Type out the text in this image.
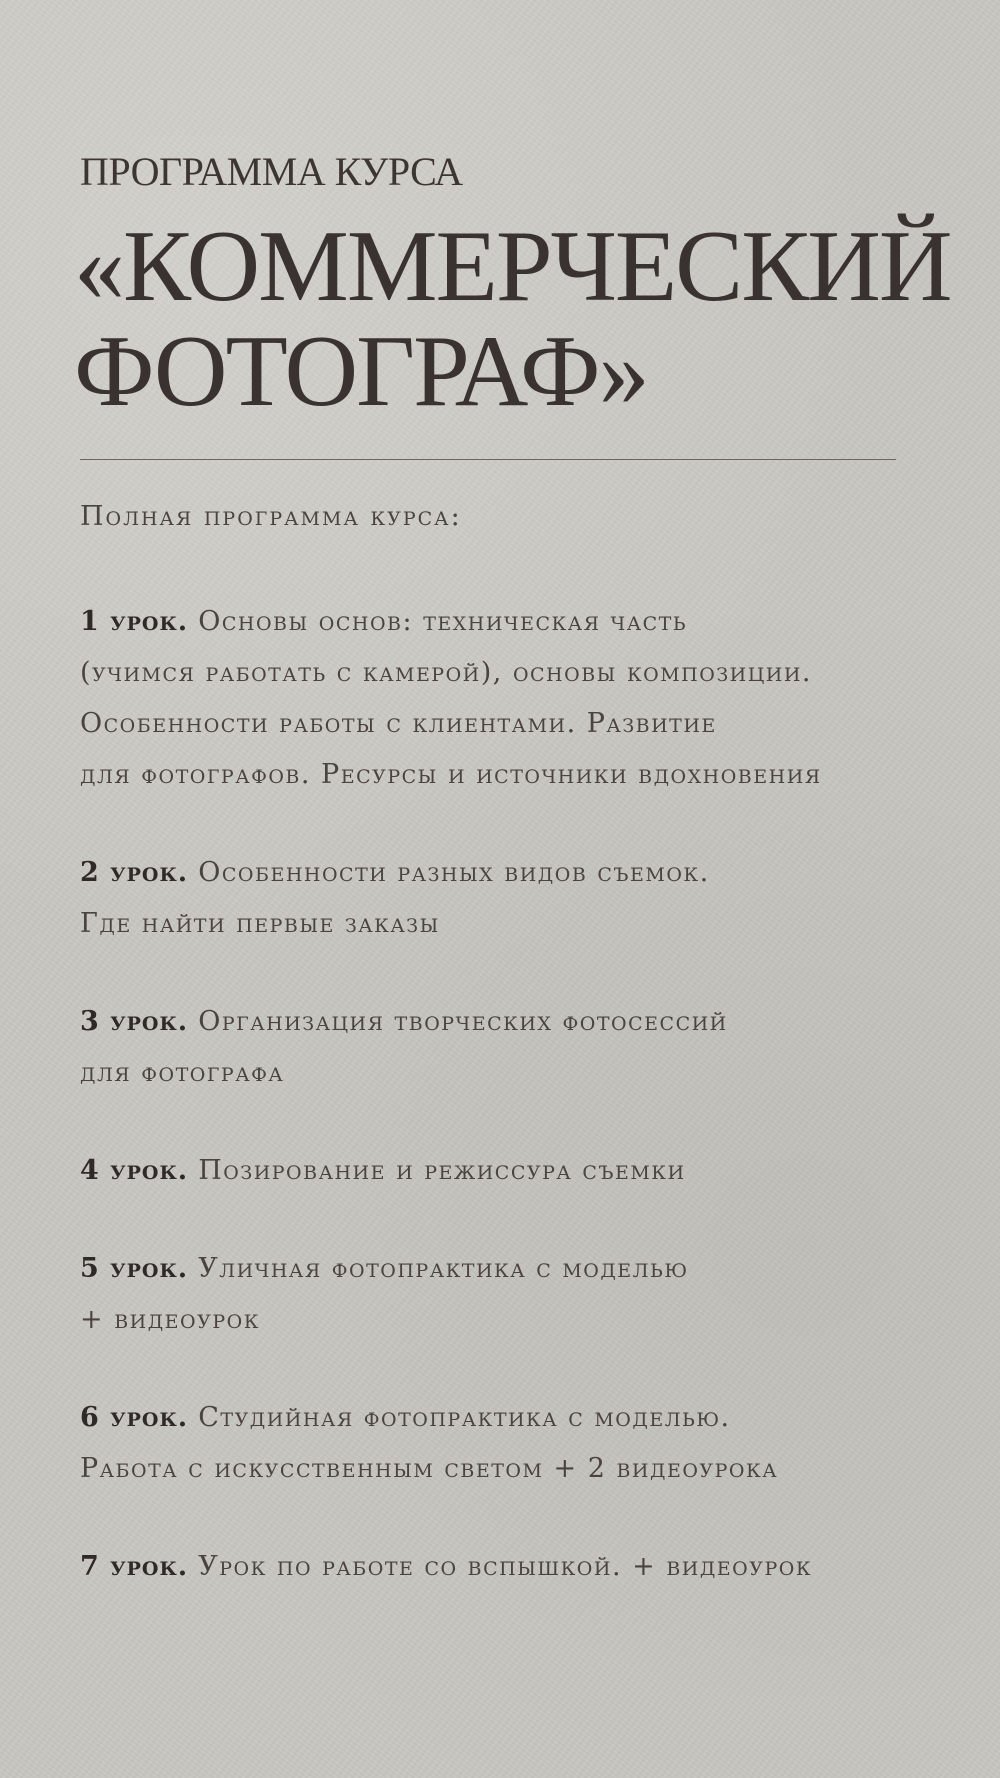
ПРОГРАММА КУРСА
«КОММЕРЧЕСКИЙ
ФОТОГРАФ»
Полная программа курса:
1 урок. Основы основ: техническая часть
(учимся работать с камерой), основы композиции.
Особенности работы с клиентами. Развитие
для фотографов. Ресурсы и источники вдохновения
2 урок. Особенности разных видов съемок.
Где найти первые заказы
3 урок. Организация творческих фотосессий
для фотографа
4 урок. Позирование и режиссура съемки
5 урок. Уличная фотопрактика с моделью
+ видеоурок
6 урок. Студийная фотопрактика с моделью.
Работа с искусственным светом + 2 видеоурока
7 урок. Урок по работе со вспышкой. + видеоурок
